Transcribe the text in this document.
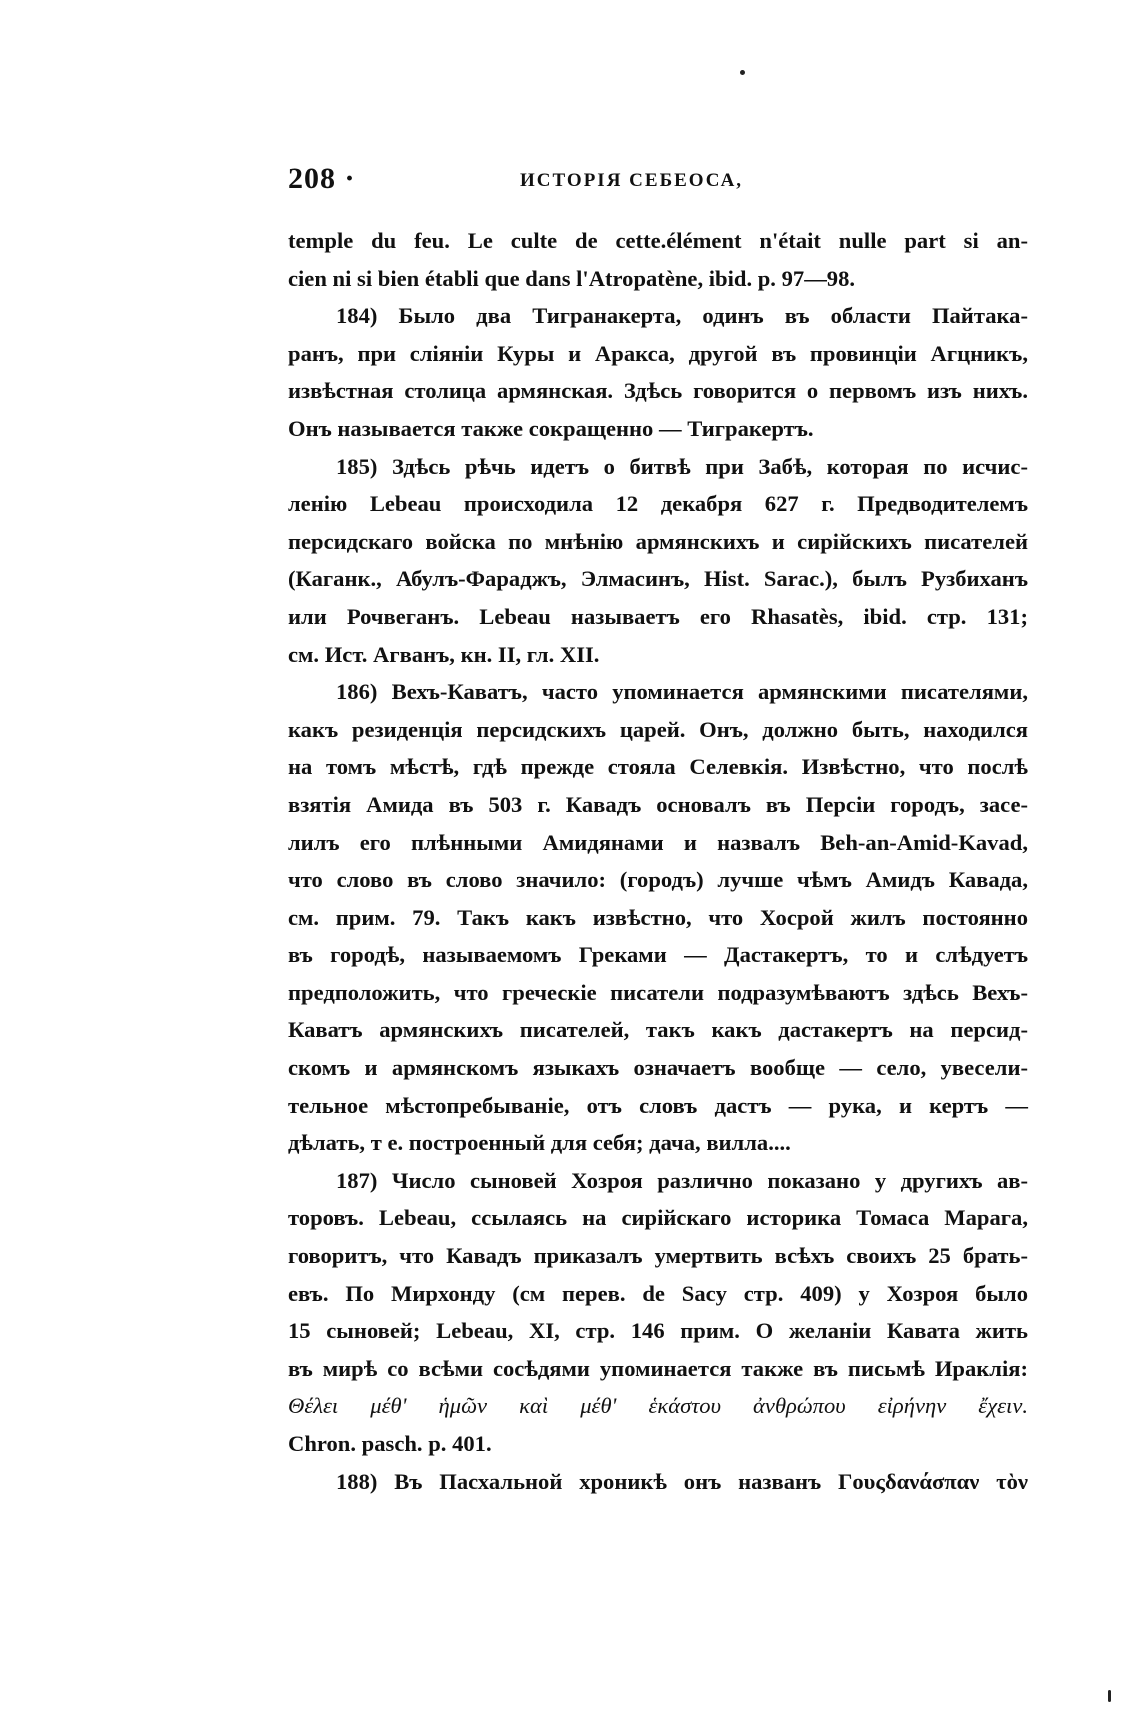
208 ·	ИСТОРІЯ СЕБЕОСА,
temple du feu. Le culte de cette.élément n'était nulle part si an-
cien ni si bien établi que dans l'Atropatène, ibid. p. 97—98.
184) Было два Тигранакерта, одинъ въ области Пайтака-
ранъ, при сліяніи Куры и Аракса, другой въ провинціи Агцникъ,
извѣстная столица армянская. Здѣсь говорится о первомъ изъ нихъ.
Онъ называется также сокращенно — Тигракертъ.
185) Здѣсь рѣчь идетъ о битвѣ при Забѣ, которая по исчис-
ленію Lebeau происходила 12 декабря 627 г. Предводителемъ
персидскаго войска по мнѣнію армянскихъ и сирійскихъ писателей
(Каганк., Абулъ-Фараджъ, Элмасинъ, Hist. Sarac.), былъ Рузбиханъ
или Рочвеганъ. Lebeau называетъ его Rhasatès, ibid. стр. 131;
см. Ист. Агванъ, кн. II, гл. XII.
186) Вехъ-Каватъ, часто упоминается армянскими писателями,
какъ резиденція персидскихъ царей. Онъ, должно быть, находился
на томъ мѣстѣ, гдѣ прежде стояла Селевкія. Извѣстно, что послѣ
взятія Амида въ 503 г. Кавадъ основалъ въ Персіи городъ, засе-
лилъ его плѣнными Амидянами и назвалъ Beh-an-Amid-Kavad,
что слово въ слово значило: (городъ) лучше чѣмъ Амидъ Кавада,
см. прим. 79. Такъ какъ извѣстно, что Хосрой жилъ постоянно
въ городѣ, называемомъ Греками — Дастакертъ, то и слѣдуетъ
предположить, что греческіе писатели подразумѣваютъ здѣсь Вехъ-
Каватъ армянскихъ писателей, такъ какъ дастакертъ на персид-
скомъ и армянскомъ языкахъ означаетъ вообще — село, увесели-
тельное мѣстопребываніе, отъ словъ дастъ — рука, и кертъ —
дѣлать, т е. построенный для себя; дача, вилла....
187) Число сыновей Хозроя различно показано у другихъ ав-
торовъ. Lebeau, ссылаясь на сирійскаго историка Томаса Марага,
говоритъ, что Кавадъ приказалъ умертвить всѣхъ своихъ 25 брать-
евъ. По Мирхонду (см перев. de Sacy стр. 409) у Хозроя было
15 сыновей; Lebeau, XI, стр. 146 прим. О желаніи Кавата жить
въ мирѣ со всѣми сосѣдями упоминается также въ письмѣ Ираклія:
Θέλει μέθ' ἡμῶν καὶ μέθ' ἑκάστου ἀνθρώπου εἰρήνην ἔχειν.
Chron. pasch. p. 401.
188) Въ Пасхальной хроникѣ онъ названъ Γουςδανάσπαν τὸν
